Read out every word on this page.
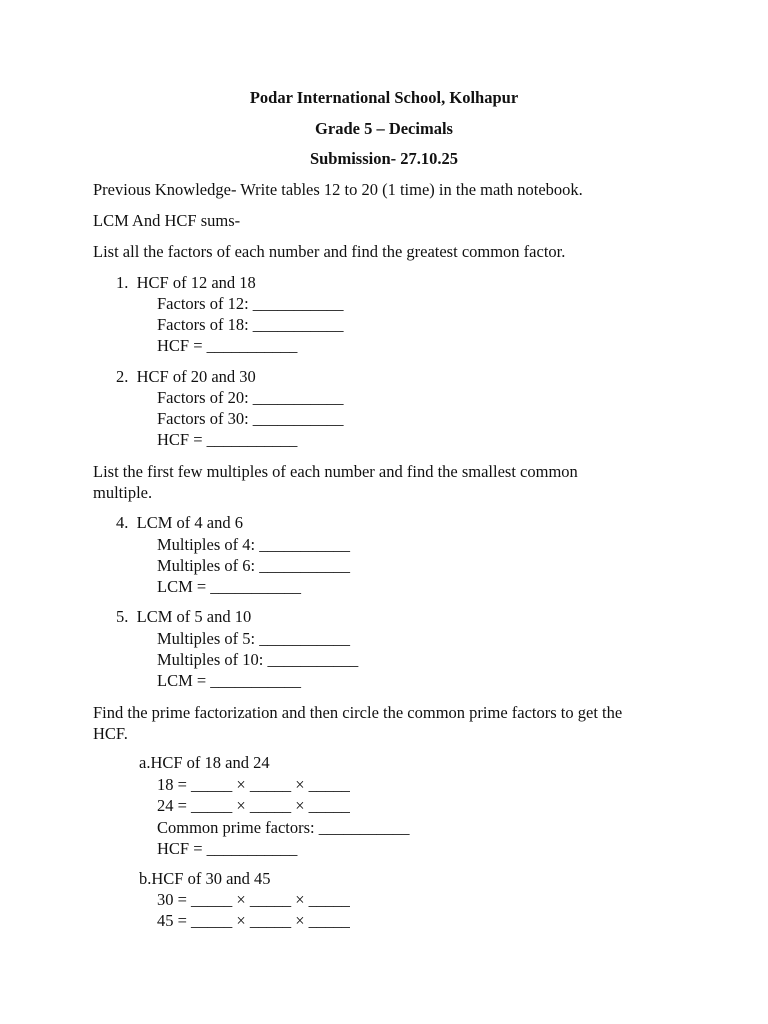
Podar International School, Kolhapur
Grade 5 – Decimals
Submission- 27.10.25
Previous Knowledge- Write tables 12 to 20 (1 time) in the math notebook.
LCM And HCF sums-
List all the factors of each number and find the greatest common factor.
1.  HCF of 12 and 18
Factors of 12: ___________
Factors of 18: ___________
HCF = ___________
2.  HCF of 20 and 30
Factors of 20: ___________
Factors of 30: ___________
HCF = ___________
List the first few multiples of each number and find the smallest common
multiple.
4.  LCM of 4 and 6
Multiples of 4: ___________
Multiples of 6: ___________
LCM = ___________
5.  LCM of 5 and 10
Multiples of 5: ___________
Multiples of 10: ___________
LCM = ___________
Find the prime factorization and then circle the common prime factors to get the
HCF.
a.HCF of 18 and 24
18 = _____ × _____ × _____
24 = _____ × _____ × _____
Common prime factors: ___________
HCF = ___________
b.HCF of 30 and 45
30 = _____ × _____ × _____
45 = _____ × _____ × _____
